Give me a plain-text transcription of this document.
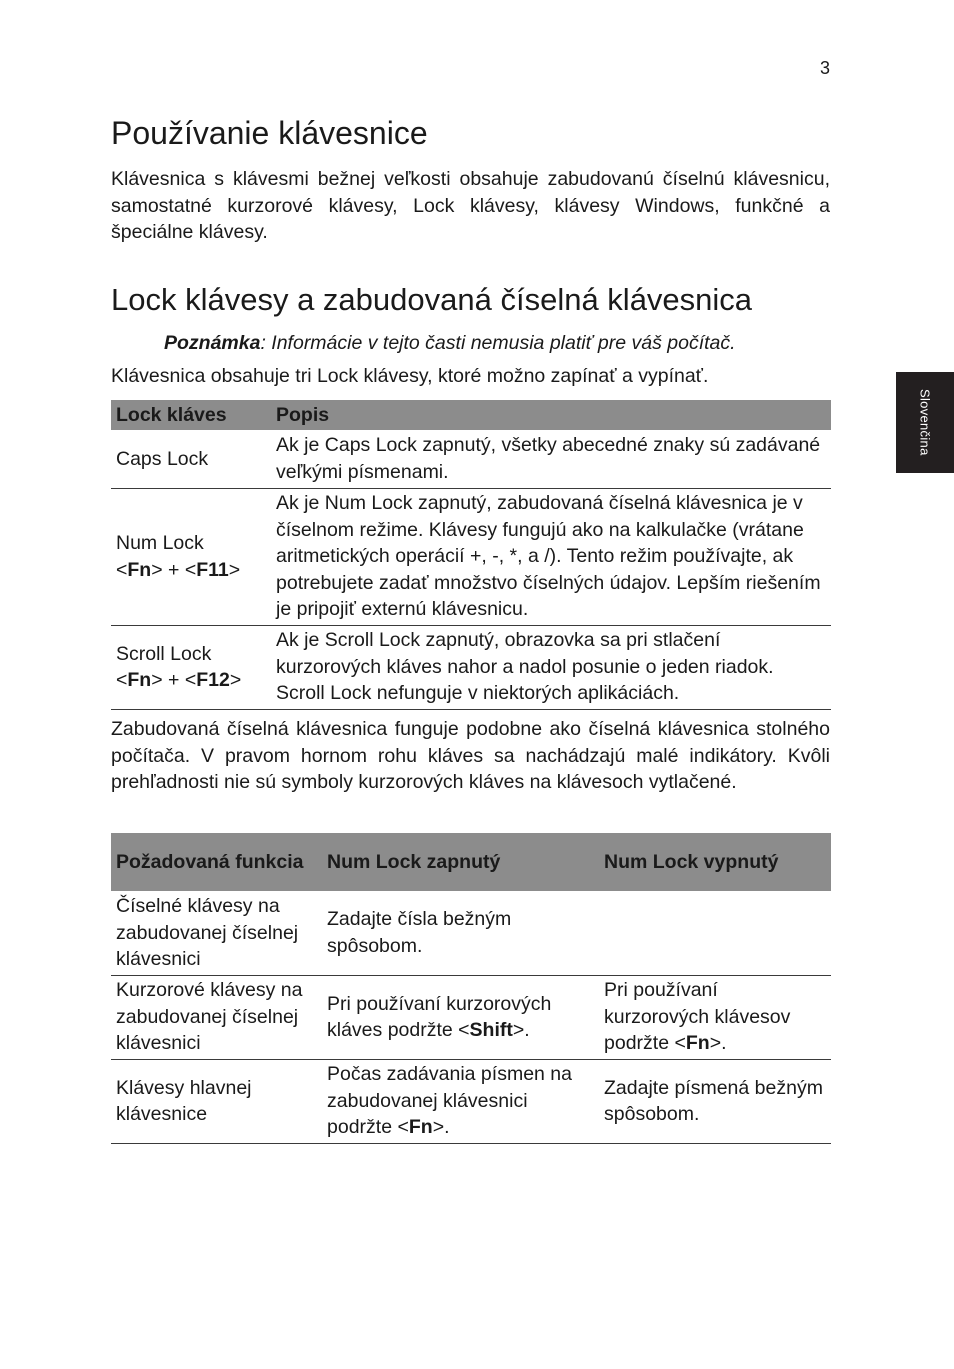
3
Slovenčina
Používanie klávesnice

Klávesnica s klávesmi bežnej veľkosti obsahuje zabudovanú číselnú klávesnicu, samostatné kurzorové klávesy, Lock klávesy, klávesy Windows, funkčné a špeciálne klávesy.

Lock klávesy a zabudovaná číselná klávesnica

Poznámka: Informácie v tejto časti nemusia platiť pre váš počítač.

Klávesnica obsahuje tri Lock klávesy, ktoré možno zapínať a vypínať.

Lock kláves	Popis
Caps Lock	Ak je Caps Lock zapnutý, všetky abecedné znaky sú zadávané veľkými písmenami.
Num Lock
<Fn> + <F11>	Ak je Num Lock zapnutý, zabudovaná číselná klávesnica je v číselnom režime. Klávesy fungujú ako na kalkulačke (vrátane aritmetických operácií +, -, *, a /). Tento režim používajte, ak potrebujete zadať množstvo číselných údajov. Lepším riešením je pripojiť externú klávesnicu.
Scroll Lock
<Fn> + <F12>	Ak je Scroll Lock zapnutý, obrazovka sa pri stlačení kurzorových kláves nahor a nadol posunie o jeden riadok. Scroll Lock nefunguje v niektorých aplikáciách.

Zabudovaná číselná klávesnica funguje podobne ako číselná klávesnica stolného počítača. V pravom hornom rohu kláves sa nachádzajú malé indikátory. Kvôli prehľadnosti nie sú symboly kurzorových kláves na klávesoch vytlačené.

Požadovaná funkcia	Num Lock zapnutý	Num Lock vypnutý
Číselné klávesy na zabudovanej číselnej klávesnici	Zadajte čísla bežným spôsobom.	
Kurzorové klávesy na zabudovanej číselnej klávesnici	Pri používaní kurzorových kláves podržte <Shift>.	Pri používaní kurzorových klávesov podržte <Fn>.
Klávesy hlavnej klávesnice	Počas zadávania písmen na zabudovanej klávesnici podržte <Fn>.	Zadajte písmená bežným spôsobom.
